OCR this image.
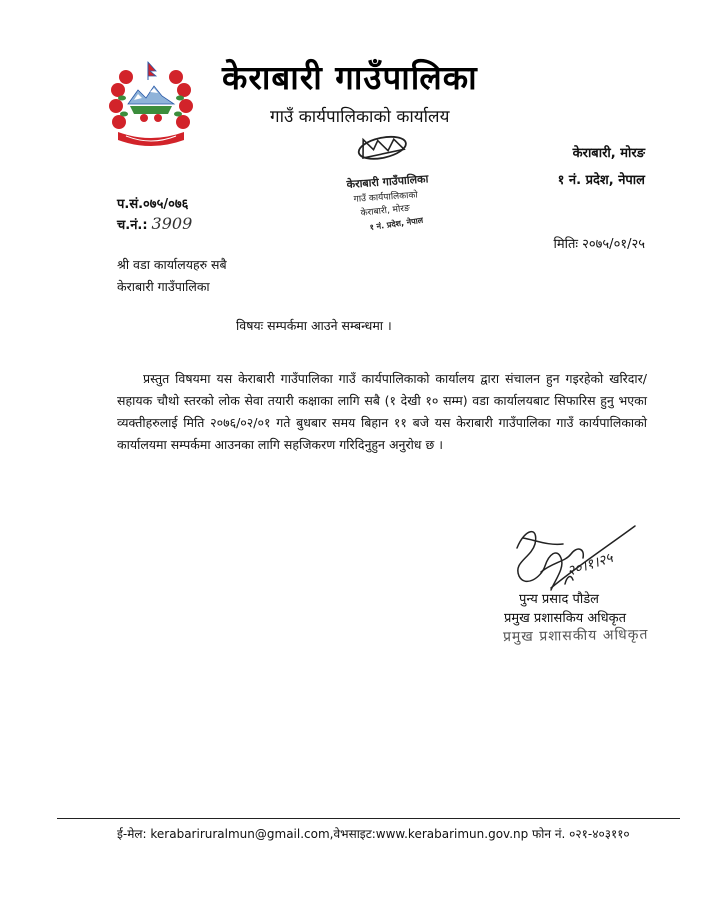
केराबारी गाउँपालिका
गाउँ कार्यपालिकाको कार्यालय
केराबारी गाउँपालिका
गाउँ कार्यपालिकाको
केराबारी, मोरङ
१ नं. प्रदेश, नेपाल
केराबारी, मोरङ
१ नं. प्रदेश, नेपाल
प.सं.०७५/०७६
च.नं.: 3909
मितिः २०७५/०१/२५
श्री वडा कार्यालयहरु सबै
केराबारी गाउँपालिका
विषयः सम्पर्कमा आउने सम्बन्धमा ।
प्रस्तुत विषयमा यस केराबारी गाउँपालिका गाउँ कार्यपालिकाको कार्यालय द्वारा संचालन हुन गइरहेको खरिदार/सहायक चौथो स्तरको लोक सेवा तयारी कक्षाका लागि सबै (१ देखी १० सम्म) वडा कार्यालयबाट सिफारिस हुनु भएका व्यक्तीहरुलाई मिति २०७६/०२/०१ गते बुधबार समय बिहान ११ बजे यस केराबारी गाउँपालिका गाउँ कार्यपालिकाको कार्यालयमा सम्पर्कमा आउनका लागि सहजिकरण गरिदिनुहुन अनुरोध छ ।
२०।१।२५
पुन्य प्रसाद पौडेल
प्रमुख प्रशासकिय अधिकृत
प्रमुख प्रशासकीय अधिकृत
ई-मेल: kerabariruralmun@gmail.com,वेभसाइट:www.kerabarimun.gov.np फोन नं. ०२१-४०३११०
